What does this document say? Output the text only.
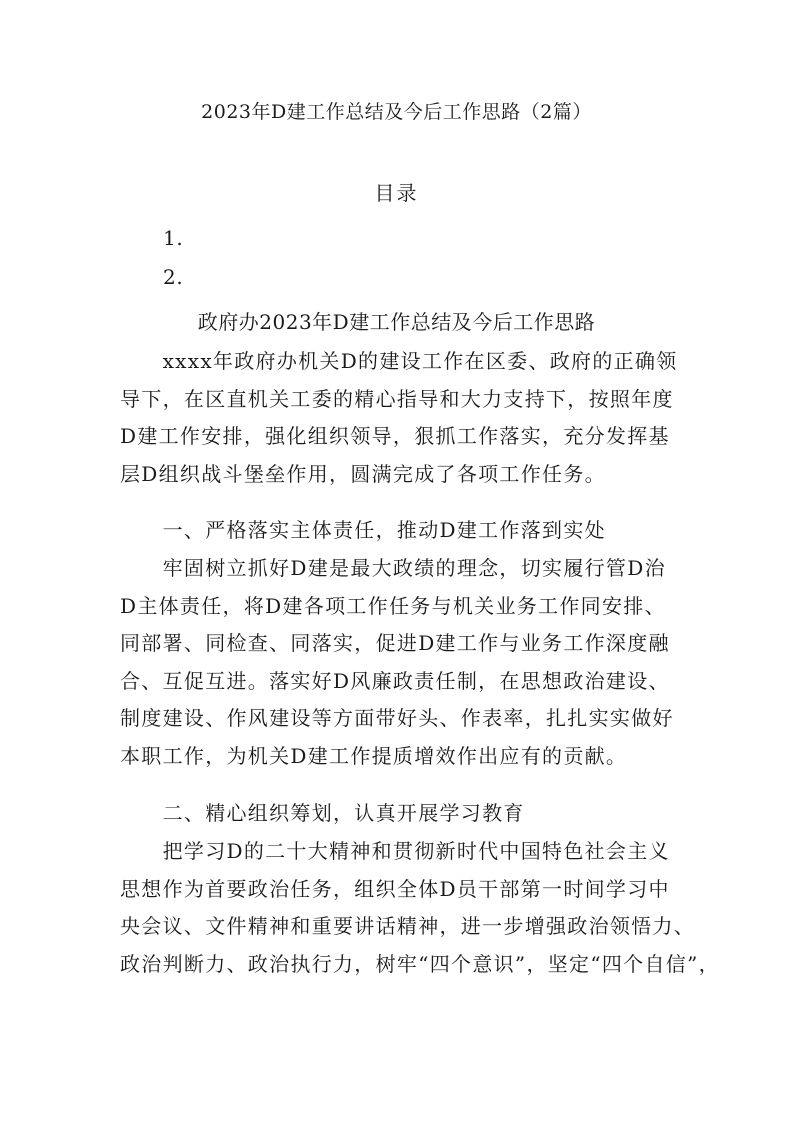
2023年D建工作总结及今后工作思路（2篇）
目录
1.
2.
政府办2023年D建工作总结及今后工作思路
　　xxxx年政府办机关D的建设工作在区委、政府的正确领
导下，在区直机关工委的精心指导和大力支持下，按照年度
D建工作安排，强化组织领导，狠抓工作落实，充分发挥基
层D组织战斗堡垒作用，圆满完成了各项工作任务。
　　一、严格落实主体责任，推动D建工作落到实处
　　牢固树立抓好D建是最大政绩的理念，切实履行管D治
D主体责任，将D建各项工作任务与机关业务工作同安排、
同部署、同检查、同落实，促进D建工作与业务工作深度融
合、互促互进。落实好D风廉政责任制，在思想政治建设、
制度建设、作风建设等方面带好头、作表率，扎扎实实做好
本职工作，为机关D建工作提质增效作出应有的贡献。
　　二、精心组织筹划，认真开展学习教育
　　把学习D的二十大精神和贯彻新时代中国特色社会主义
思想作为首要政治任务，组织全体D员干部第一时间学习中
央会议、文件精神和重要讲话精神，进一步增强政治领悟力、
政治判断力、政治执行力，树牢“四个意识”，坚定“四个自信”，
